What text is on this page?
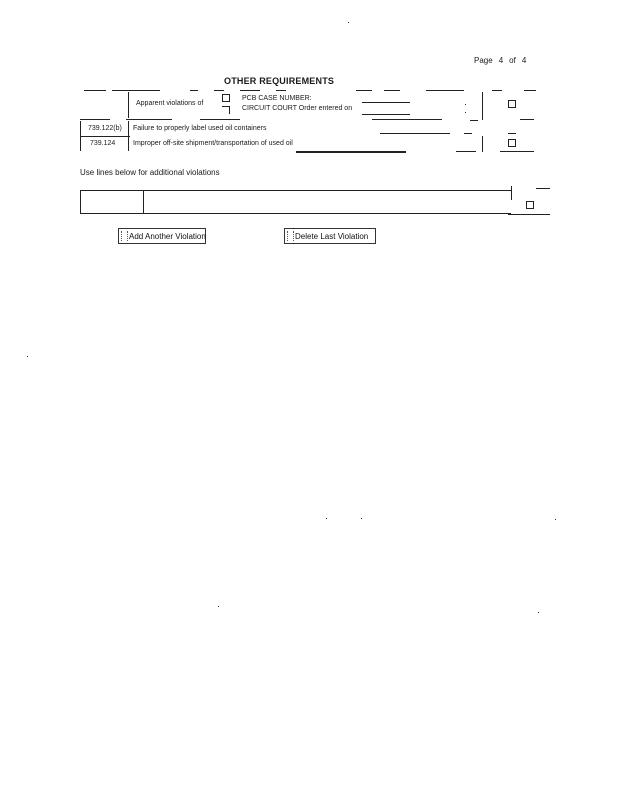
Page 4 of 4
OTHER REQUIREMENTS
Apparent violations of
PCB CASE NUMBER:
CIRCUIT COURT Order entered on
739.122(b) Failure to properly label used oil containers
739.124	Improper off-site shipment/transportation of used oil
Use lines below for additional violations
Add Another Violation	Delete Last Violation
